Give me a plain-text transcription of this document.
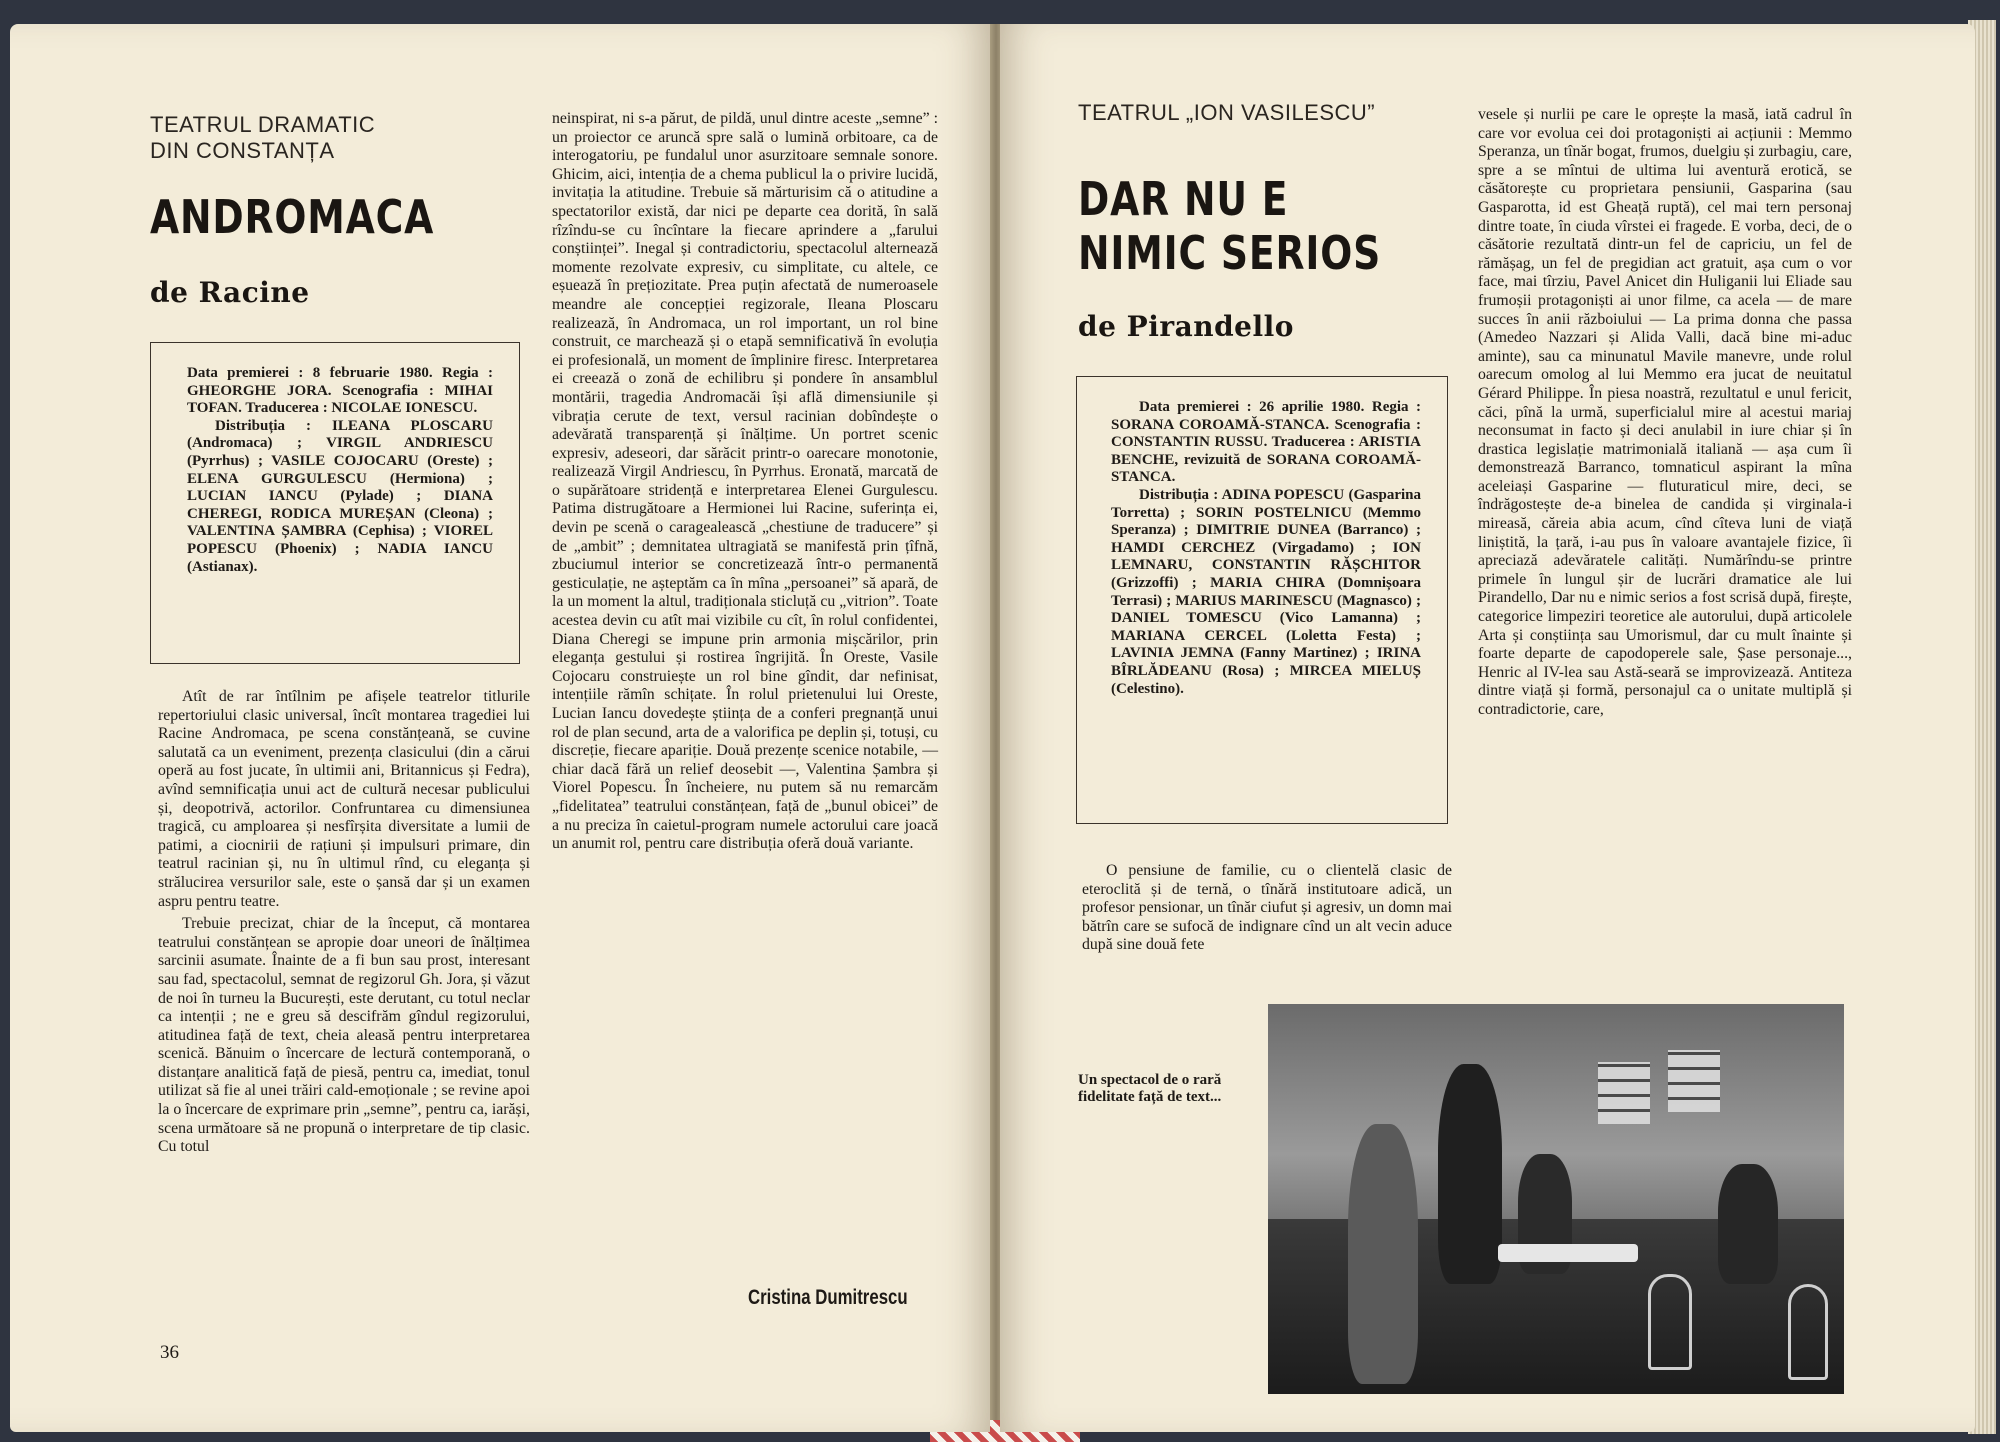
TEATRUL DRAMATIC
DIN CONSTANȚA
ANDROMACA
de Racine

Data premierei : 8 februarie 1980. Regia : GHEORGHE JORA. Scenografia : MIHAI TOFAN. Traducerea : NICOLAE IONESCU.

Distribuția : ILEANA PLOSCARU (Andromaca) ; VIRGIL ANDRIESCU (Pyrrhus) ; VASILE COJOCARU (Oreste) ; ELENA GURGULESCU (Hermiona) ; LUCIAN IANCU (Pylade) ; DIANA CHEREGI, RODICA MUREȘAN (Cleona) ; VALENTINA ȘAMBRA (Cephisa) ; VIOREL POPESCU (Phoenix) ; NADIA IANCU (Astianax).

Atît de rar întîlnim pe afișele teatrelor titlurile repertoriului clasic universal, încît montarea tragediei lui Racine Andromaca, pe scena constănțeană, se cuvine salutată ca un eveniment, prezența clasicului (din a cărui operă au fost jucate, în ultimii ani, Britannicus și Fedra), avînd semnificația unui act de cultură necesar publicului și, deopotrivă, actorilor. Confruntarea cu dimensiunea tragică, cu amploarea și nesfîrșita diversitate a lumii de patimi, a ciocnirii de rațiuni și impulsuri primare, din teatrul racinian și, nu în ultimul rînd, cu eleganța și strălucirea versurilor sale, este o șansă dar și un examen aspru pentru teatre.

Trebuie precizat, chiar de la început, că montarea teatrului constănțean se apropie doar uneori de înălțimea sarcinii asumate. Înainte de a fi bun sau prost, interesant sau fad, spectacolul, semnat de regizorul Gh. Jora, și văzut de noi în turneu la București, este derutant, cu totul neclar ca intenții ; ne e greu să descifrăm gîndul regizorului, atitudinea față de text, cheia aleasă pentru interpretarea scenică. Bănuim o încercare de lectură contemporană, o distanțare analitică față de piesă, pentru ca, imediat, tonul utilizat să fie al unei trăiri cald-emoționale ; se revine apoi la o încercare de exprimare prin „semne”, pentru ca, iarăși, scena următoare să ne propună o interpretare de tip clasic. Cu totul

neinspirat, ni s-a părut, de pildă, unul dintre aceste „semne” : un proiector ce aruncă spre sală o lumină orbitoare, ca de interogatoriu, pe fundalul unor asurzitoare semnale sonore. Ghicim, aici, intenția de a chema publicul la o privire lucidă, invitația la atitudine. Trebuie să mărturisim că o atitudine a spectatorilor există, dar nici pe departe cea dorită, în sală rîzîndu-se cu încîntare la fiecare aprindere a „farului conștiinței”. Inegal și contradictoriu, spectacolul alternează momente rezolvate expresiv, cu simplitate, cu altele, ce eșuează în prețiozitate. Prea puțin afectată de numeroasele meandre ale concepției regizorale, Ileana Ploscaru realizează, în Andromaca, un rol important, un rol bine construit, ce marchează și o etapă semnificativă în evoluția ei profesională, un moment de împlinire firesc. Interpretarea ei creează o zonă de echilibru și pondere în ansamblul montării, tragedia Andromacăi își află dimensiunile și vibrația cerute de text, versul racinian dobîndește o adevărată transparență și înălțime. Un portret scenic expresiv, adeseori, dar sărăcit printr-o oarecare monotonie, realizează Virgil Andriescu, în Pyrrhus. Eronată, marcată de o supărătoare stridență e interpretarea Elenei Gurgulescu. Patima distrugătoare a Hermionei lui Racine, suferința ei, devin pe scenă o caragealească „chestiune de traducere” și de „ambit” ; demnitatea ultragiată se manifestă prin țîfnă, zbuciumul interior se concretizează într-o permanentă gesticulație, ne așteptăm ca în mîna „persoanei” să apară, de la un moment la altul, tradiționala sticluță cu „vitrion”. Toate acestea devin cu atît mai vizibile cu cît, în rolul confidentei, Diana Cheregi se impune prin armonia mișcărilor, prin eleganța gestului și rostirea îngrijită. În Oreste, Vasile Cojocaru construiește un rol bine gîndit, dar nefinisat, intențiile rămîn schițate. În rolul prietenului lui Oreste, Lucian Iancu dovedește știința de a conferi pregnanță unui rol de plan secund, arta de a valorifica pe deplin și, totuși, cu discreție, fiecare apariție. Două prezențe scenice notabile, — chiar dacă fără un relief deosebit —, Valentina Șambra și Viorel Popescu. În încheiere, nu putem să nu remarcăm „fidelitatea” teatrului constănțean, față de „bunul obicei” de a nu preciza în caietul-program numele actorului care joacă un anumit rol, pentru care distribuția oferă două variante.

Cristina Dumitrescu
36
TEATRUL „ION VASILESCU”
DAR NU E
NIMIC SERIOS
de Pirandello

Data premierei : 26 aprilie 1980. Regia : SORANA COROAMĂ-STANCA. Scenografia : CONSTANTIN RUSSU. Traducerea : ARISTIA BENCHE, revizuită de SORANA COROAMĂ-STANCA.

Distribuția : ADINA POPESCU (Gasparina Torretta) ; SORIN POSTELNICU (Memmo Speranza) ; DIMITRIE DUNEA (Barranco) ; HAMDI CERCHEZ (Virgadamo) ; ION LEMNARU, CONSTANTIN RĂȘCHITOR (Grizzoffi) ; MARIA CHIRA (Domnișoara Terrasi) ; MARIUS MARINESCU (Magnasco) ; DANIEL TOMESCU (Vico Lamanna) ; MARIANA CERCEL (Loletta Festa) ; LAVINIA JEMNA (Fanny Martinez) ; IRINA BÎRLĂDEANU (Rosa) ; MIRCEA MIELUȘ (Celestino).

O pensiune de familie, cu o clientelă clasic de eteroclită și de ternă, o tînără institutoare adică, un profesor pensionar, un tînăr ciufut și agresiv, un domn mai bătrîn care se sufocă de indignare cînd un alt vecin aduce după sine două fete

vesele și nurlii pe care le oprește la masă, iată cadrul în care vor evolua cei doi protagoniști ai acțiunii : Memmo Speranza, un tînăr bogat, frumos, duelgiu și zurbagiu, care, spre a se mîntui de ultima lui aventură erotică, se căsătorește cu proprietara pensiunii, Gasparina (sau Gasparotta, id est Gheață ruptă), cel mai tern personaj dintre toate, în ciuda vîrstei ei fragede. E vorba, deci, de o căsătorie rezultată dintr-un fel de capriciu, un fel de rămășag, un fel de pregidian act gratuit, așa cum o vor face, mai tîrziu, Pavel Anicet din Huliganii lui Eliade sau frumoșii protagoniști ai unor filme, ca acela — de mare succes în anii războiului — La prima donna che passa (Amedeo Nazzari și Alida Valli, dacă bine mi-aduc aminte), sau ca minunatul Mavile manevre, unde rolul oarecum omolog al lui Memmo era jucat de neuitatul Gérard Philippe. În piesa noastră, rezultatul e unul fericit, căci, pînă la urmă, superficialul mire al acestui mariaj neconsumat in facto și deci anulabil in iure chiar și în drastica legislație matrimonială italiană — așa cum îi demonstrează Barranco, tomnaticul aspirant la mîna aceleiași Gasparine — fluturaticul mire, deci, se îndrăgostește de-a binelea de candida și virginala-i mireasă, căreia abia acum, cînd cîteva luni de viață liniștită, la țară, i-au pus în valoare avantajele fizice, îi apreciază adevăratele calități. Numărîndu-se printre primele în lungul șir de lucrări dramatice ale lui Pirandello, Dar nu e nimic serios a fost scrisă după, firește, categorice limpeziri teoretice ale autorului, după articolele Arta și conștiința sau Umorismul, dar cu mult înainte și foarte departe de capodoperele sale, Șase personaje..., Henric al IV-lea sau Astă-seară se improvizează. Antiteza dintre viață și formă, personajul ca o unitate multiplă și contradictorie, care,

Un spectacol de o rară fidelitate față de text...
